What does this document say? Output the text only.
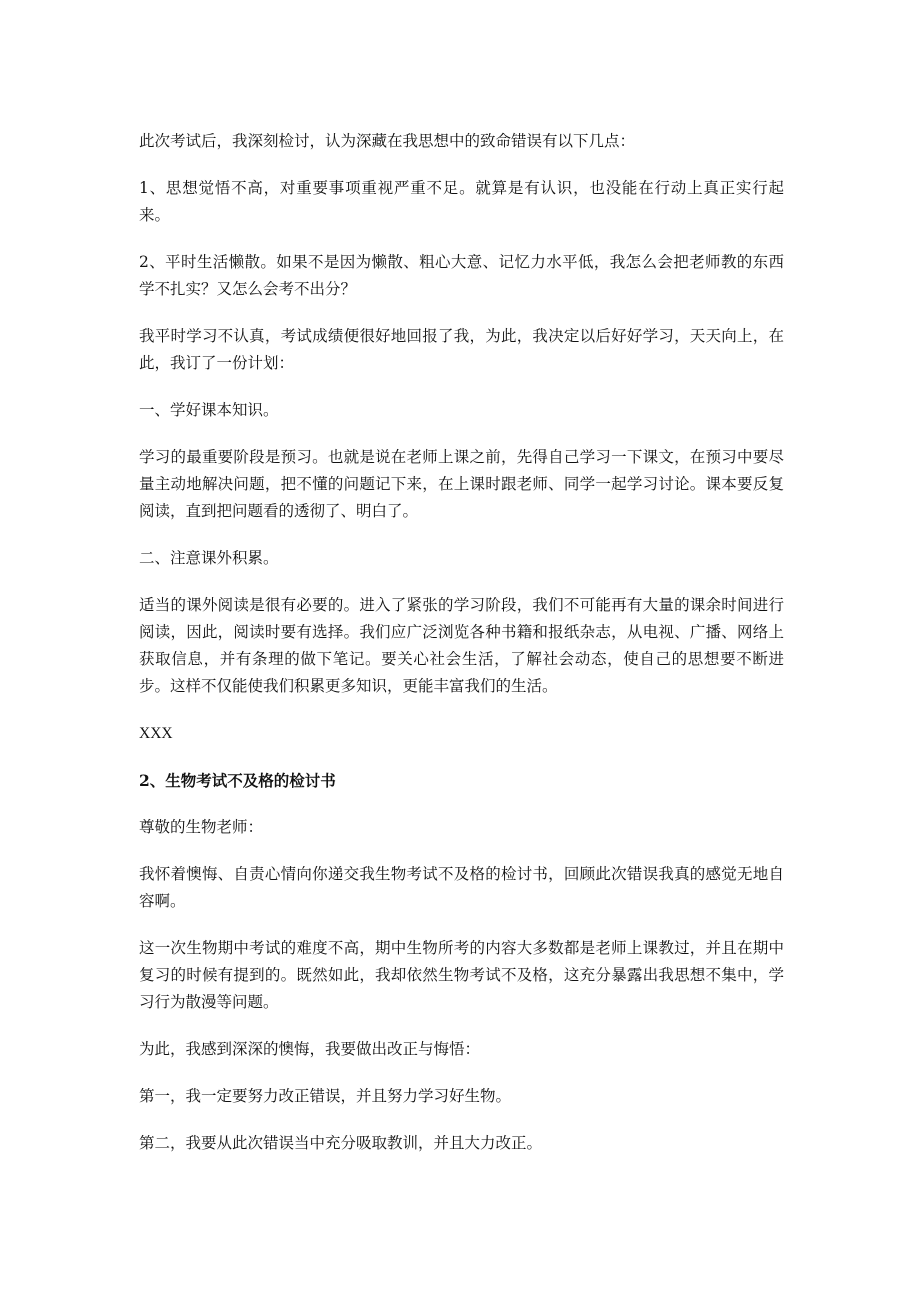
此次考试后，我深刻检讨，认为深藏在我思想中的致命错误有以下几点：

1、思想觉悟不高，对重要事项重视严重不足。就算是有认识，也没能在行动上真正实行起来。

2、平时生活懒散。如果不是因为懒散、粗心大意、记忆力水平低，我怎么会把老师教的东西学不扎实？又怎么会考不出分？

我平时学习不认真，考试成绩便很好地回报了我，为此，我决定以后好好学习，天天向上，在此，我订了一份计划：

一、学好课本知识。

学习的最重要阶段是预习。也就是说在老师上课之前，先得自己学习一下课文，在预习中要尽量主动地解决问题，把不懂的问题记下来，在上课时跟老师、同学一起学习讨论。课本要反复阅读，直到把问题看的透彻了、明白了。

二、注意课外积累。

适当的课外阅读是很有必要的。进入了紧张的学习阶段，我们不可能再有大量的课余时间进行阅读，因此，阅读时要有选择。我们应广泛浏览各种书籍和报纸杂志，从电视、广播、网络上获取信息，并有条理的做下笔记。要关心社会生活，了解社会动态，使自己的思想要不断进步。这样不仅能使我们积累更多知识，更能丰富我们的生活。

XXX

2、生物考试不及格的检讨书

尊敬的生物老师：

我怀着懊悔、自责心情向你递交我生物考试不及格的检讨书，回顾此次错误我真的感觉无地自容啊。

这一次生物期中考试的难度不高，期中生物所考的内容大多数都是老师上课教过，并且在期中复习的时候有提到的。既然如此，我却依然生物考试不及格，这充分暴露出我思想不集中，学习行为散漫等问题。

为此，我感到深深的懊悔，我要做出改正与悔悟：

第一，我一定要努力改正错误，并且努力学习好生物。

第二，我要从此次错误当中充分吸取教训，并且大力改正。
